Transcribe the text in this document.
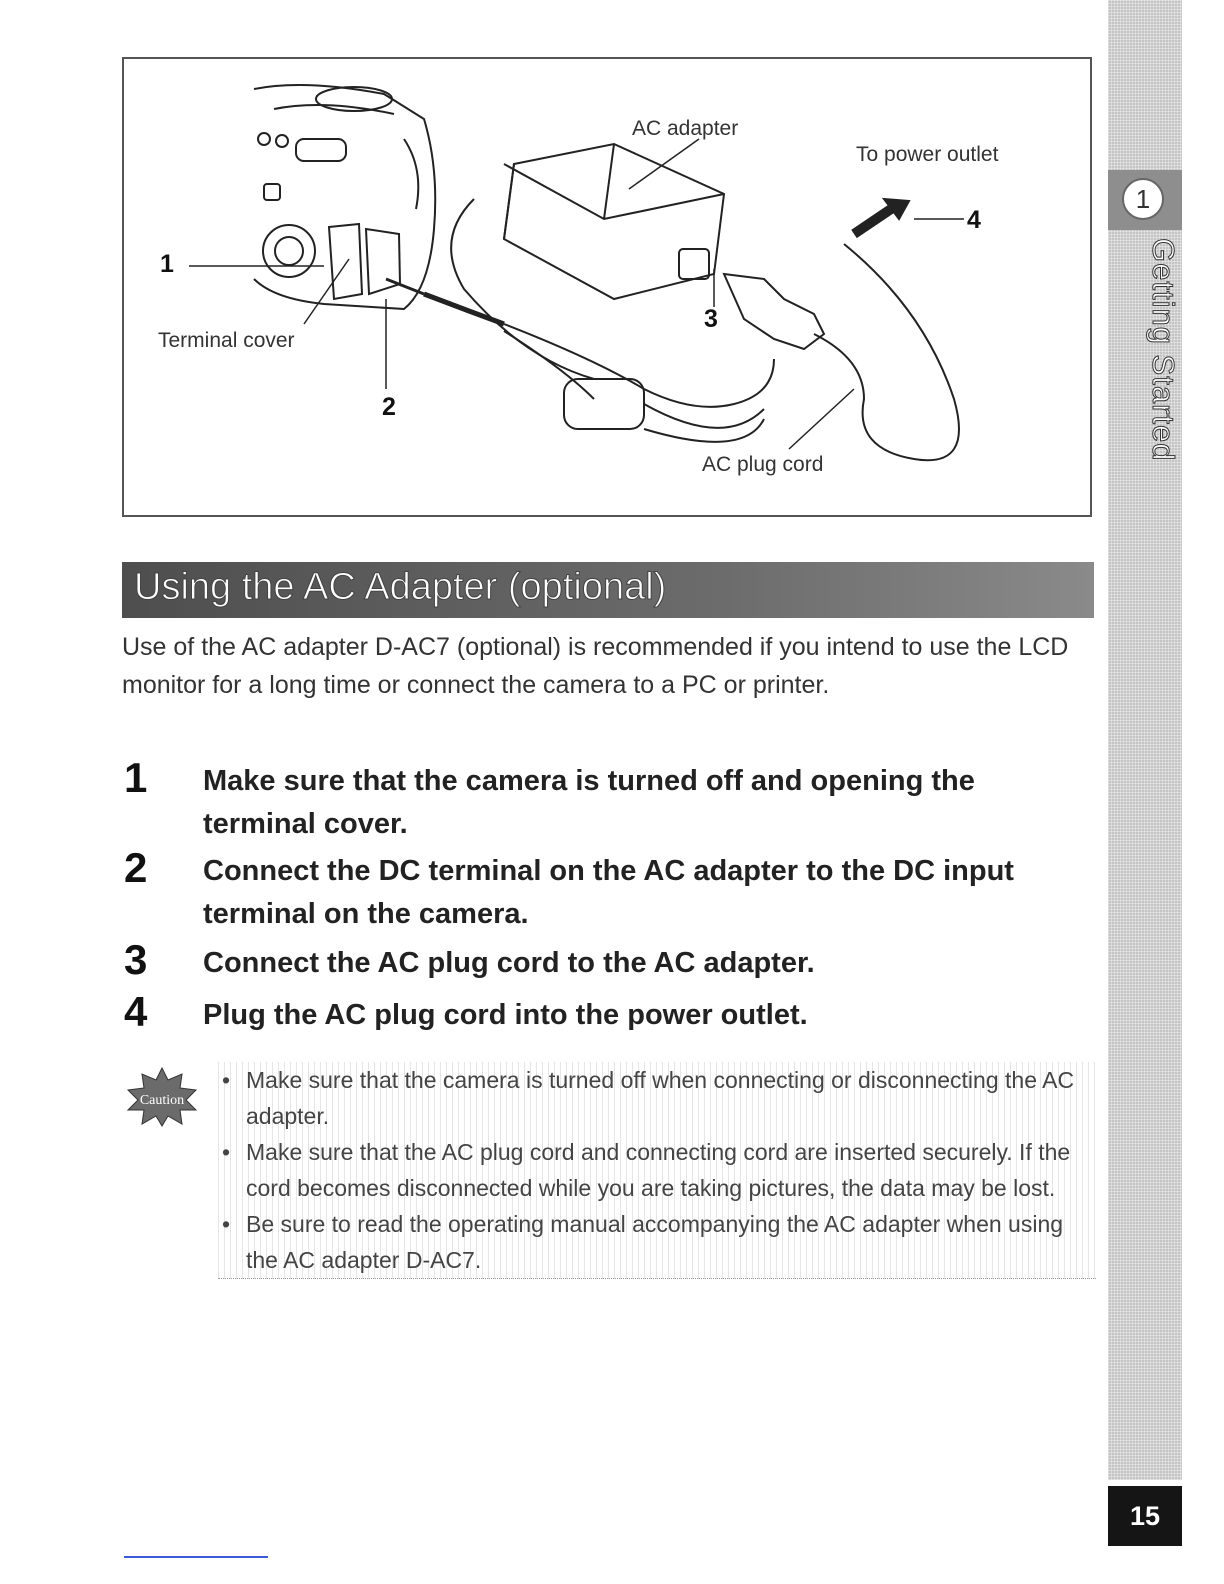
AC adapter
To power outlet
Terminal cover
AC plug cord
1
2
3
4
1
Getting Started
15
Using the AC Adapter (optional)
Use of the AC adapter D-AC7 (optional) is recommended if you intend to use the LCD monitor for a long time or connect the camera to a PC or printer.
1 Make sure that the camera is turned off and opening the terminal cover.
2 Connect the DC terminal on the AC adapter to the DC input terminal on the camera.
3 Connect the AC plug cord to the AC adapter.
4 Plug the AC plug cord into the power outlet.
Caution
• Make sure that the camera is turned off when connecting or disconnecting the AC adapter.
• Make sure that the AC plug cord and connecting cord are inserted securely. If the cord becomes disconnected while you are taking pictures, the data may be lost.
• Be sure to read the operating manual accompanying the AC adapter when using the AC adapter D-AC7.
